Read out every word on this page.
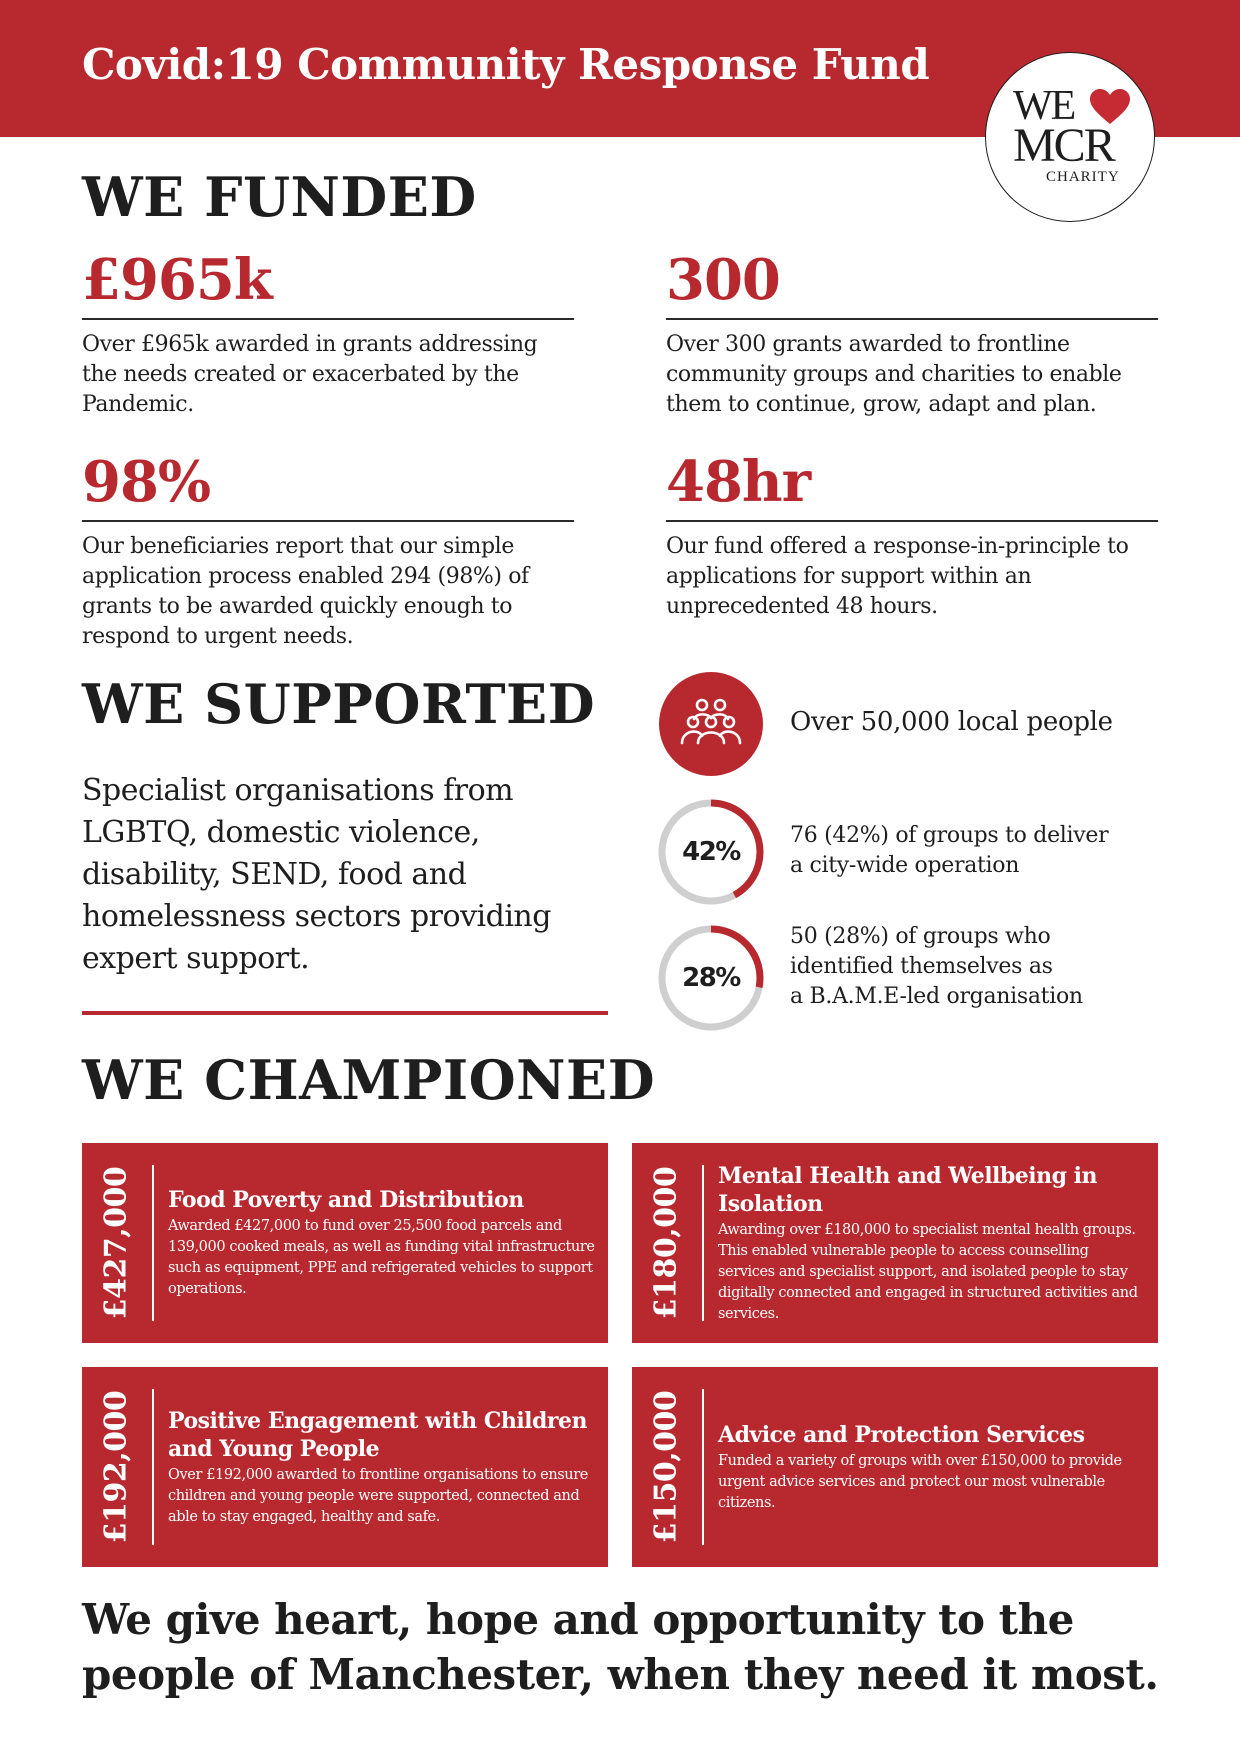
Covid:19 Community Response Fund
WE
MCR
CHARITY
WE FUNDED
£965k
Over £965k awarded in grants addressing the needs created or exacerbated by the Pandemic.
300
Over 300 grants awarded to frontline community groups and charities to enable them to continue, grow, adapt and plan.
98%
Our beneficiaries report that our simple application process enabled 294 (98%) of grants to be awarded quickly enough to respond to urgent needs.
48hr
Our fund offered a response-in-principle to applications for support within an unprecedented 48 hours.
WE SUPPORTED
Specialist organisations from LGBTQ, domestic violence, disability, SEND, food and homelessness sectors providing expert support.
Over 50,000 local people
42%
76 (42%) of groups to deliver
a city-wide operation
28%
50 (28%) of groups who
identified themselves as
a B.A.M.E-led organisation
WE CHAMPIONED
£427,000 Food Poverty and Distribution
Awarded £427,000 to fund over 25,500 food parcels and 139,000 cooked meals, as well as funding vital infrastructure such as equipment, PPE and refrigerated vehicles to support operations.	£180,000 Mental Health and Wellbeing in Isolation
Awarding over £180,000 to specialist mental health groups. This enabled vulnerable people to access counselling services and specialist support, and isolated people to stay digitally connected and engaged in structured activities and services.
£192,000 Positive Engagement with Children and Young People
Over £192,000 awarded to frontline organisations to ensure children and young people were supported, connected and able to stay engaged, healthy and safe.	£150,000 Advice and Protection Services
Funded a variety of groups with over £150,000 to provide urgent advice services and protect our most vulnerable citizens.
We give heart, hope and opportunity to the people of Manchester, when they need it most.
